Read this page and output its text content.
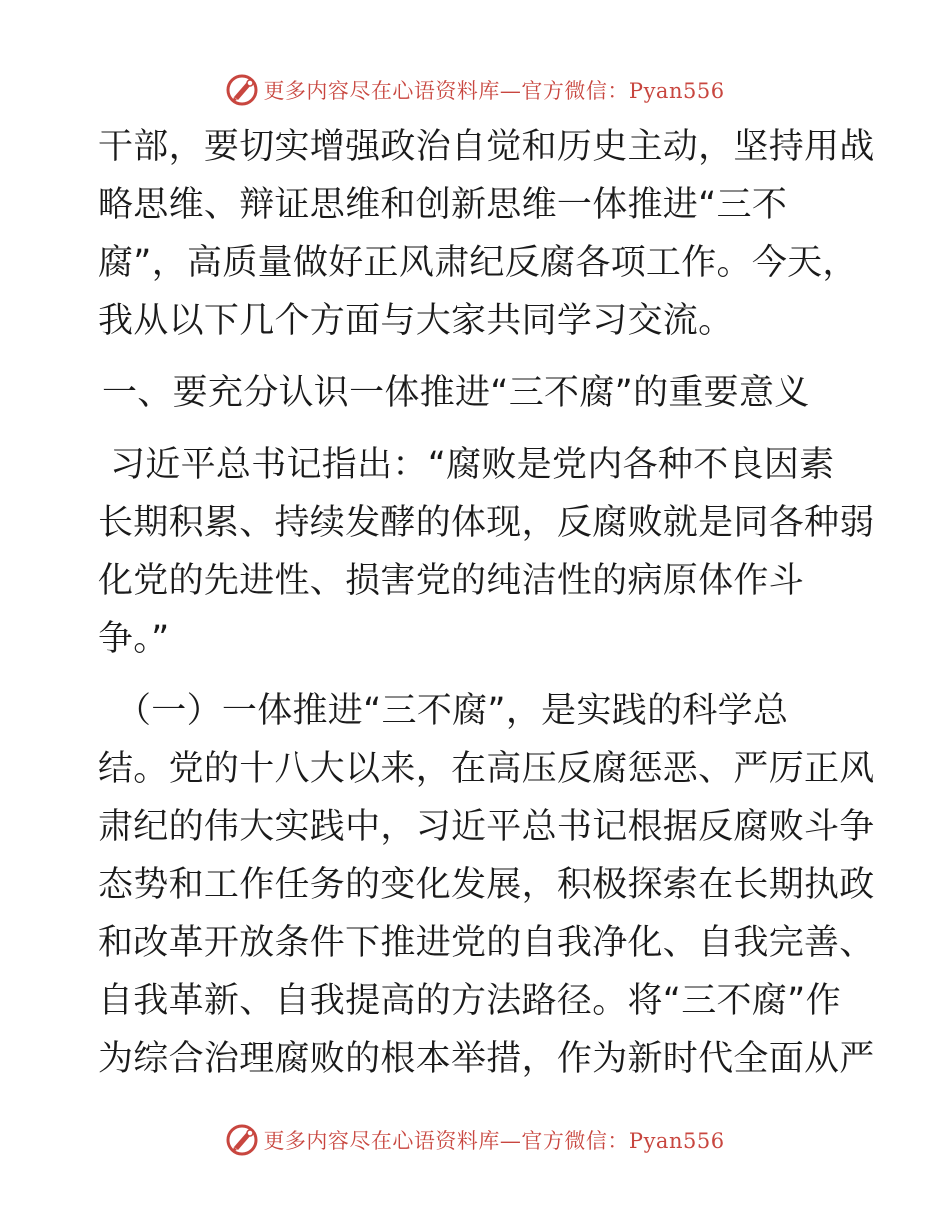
更多内容尽在心语资料库—官方微信：Pyan556
干部，要切实增强政治自觉和历史主动，坚持用战
略思维、辩证思维和创新思维一体推进“三不
腐”，高质量做好正风肃纪反腐各项工作。今天，
我从以下几个方面与大家共同学习交流。
一、要充分认识一体推进“三不腐”的重要意义
习近平总书记指出：“腐败是党内各种不良因素
长期积累、持续发酵的体现，反腐败就是同各种弱
化党的先进性、损害党的纯洁性的病原体作斗
争。”
（一）一体推进“三不腐”，是实践的科学总
结。党的十八大以来，在高压反腐惩恶、严厉正风
肃纪的伟大实践中，习近平总书记根据反腐败斗争
态势和工作任务的变化发展，积极探索在长期执政
和改革开放条件下推进党的自我净化、自我完善、
自我革新、自我提高的方法路径。将“三不腐”作
为综合治理腐败的根本举措，作为新时代全面从严
更多内容尽在心语资料库—官方微信：Pyan556
